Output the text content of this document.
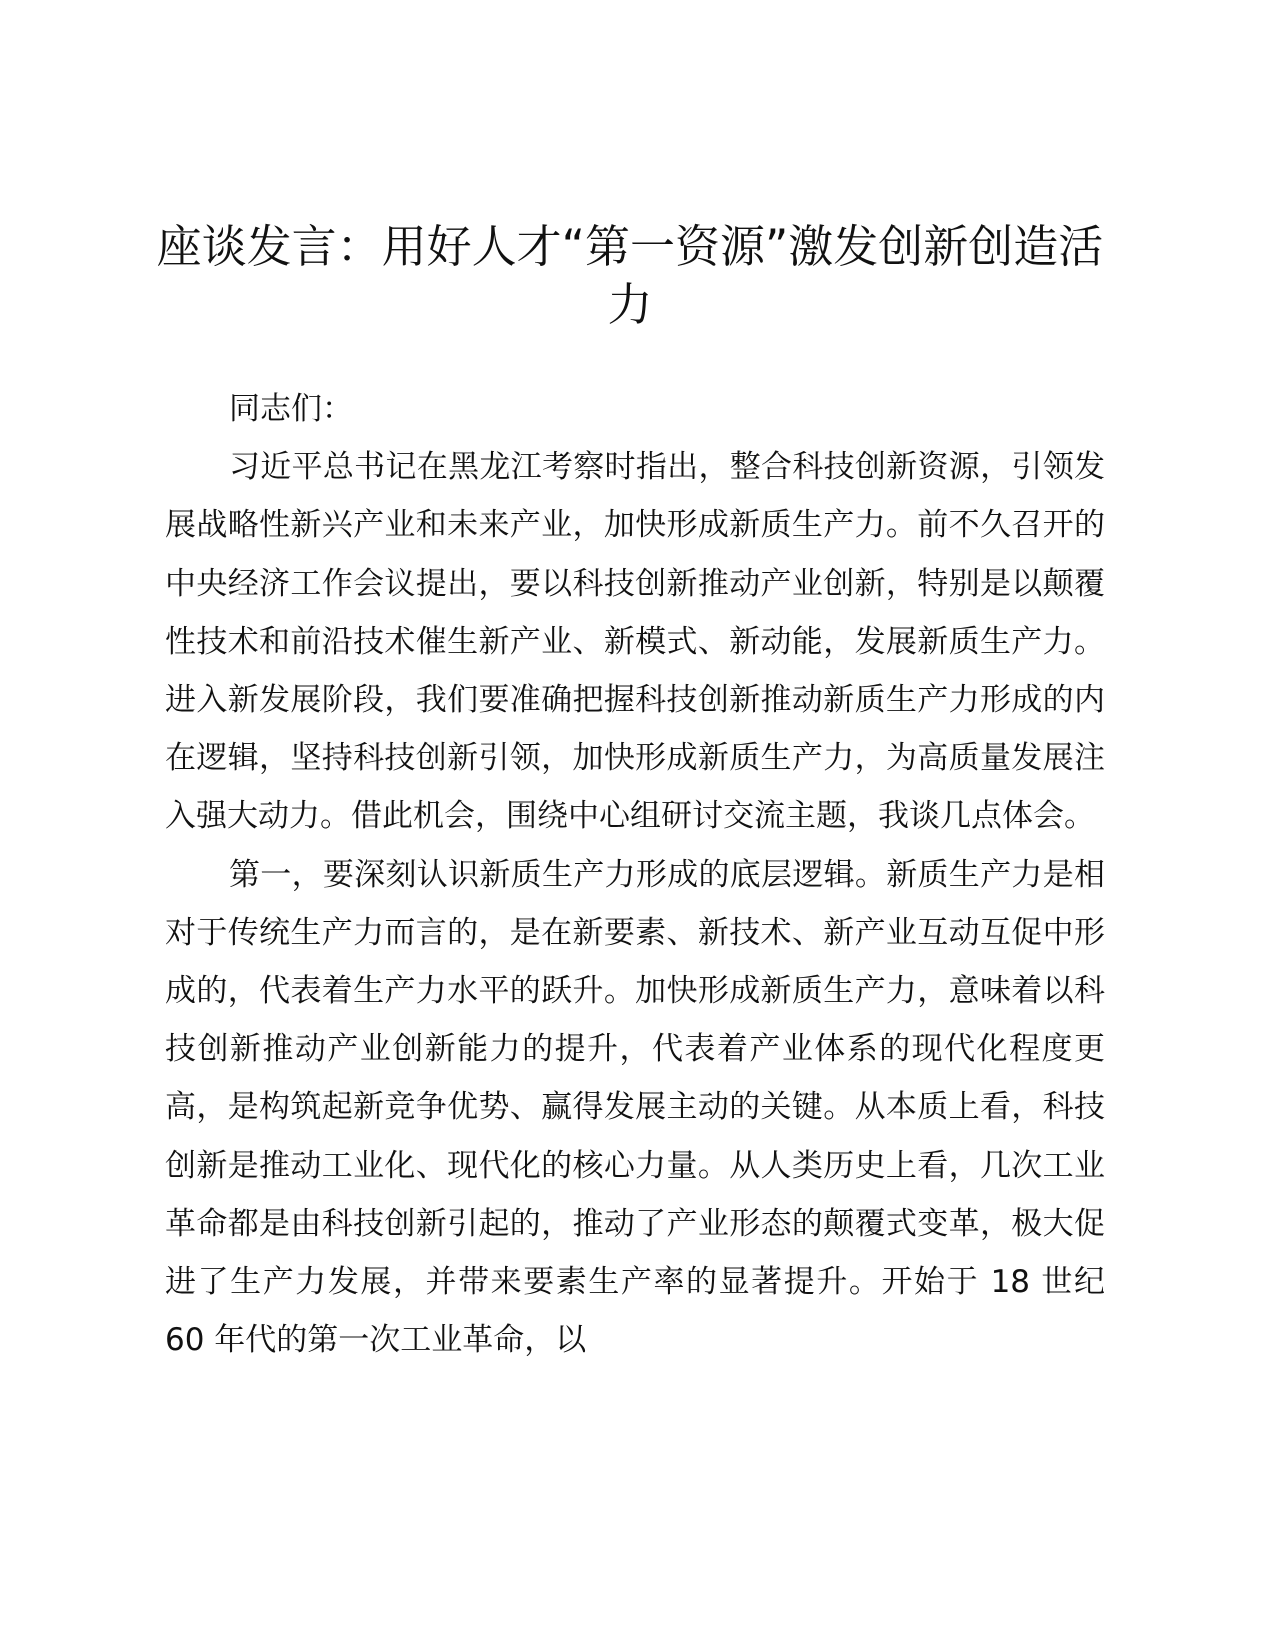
座谈发言：用好人才“第一资源”激发创新创造活力

同志们：

习近平总书记在黑龙江考察时指出，整合科技创新资源，引领发展战略性新兴产业和未来产业，加快形成新质生产力。前不久召开的中央经济工作会议提出，要以科技创新推动产业创新，特别是以颠覆性技术和前沿技术催生新产业、新模式、新动能，发展新质生产力。进入新发展阶段，我们要准确把握科技创新推动新质生产力形成的内在逻辑，坚持科技创新引领，加快形成新质生产力，为高质量发展注入强大动力。借此机会，围绕中心组研讨交流主题，我谈几点体会。

第一，要深刻认识新质生产力形成的底层逻辑。新质生产力是相对于传统生产力而言的，是在新要素、新技术、新产业互动互促中形成的，代表着生产力水平的跃升。加快形成新质生产力，意味着以科技创新推动产业创新能力的提升，代表着产业体系的现代化程度更高，是构筑起新竞争优势、赢得发展主动的关键。从本质上看，科技创新是推动工业化、现代化的核心力量。从人类历史上看，几次工业革命都是由科技创新引起的，推动了产业形态的颠覆式变革，极大促进了生产力发展，并带来要素生产率的显著提升。开始于 18 世纪 60 年代的第一次工业革命，以
